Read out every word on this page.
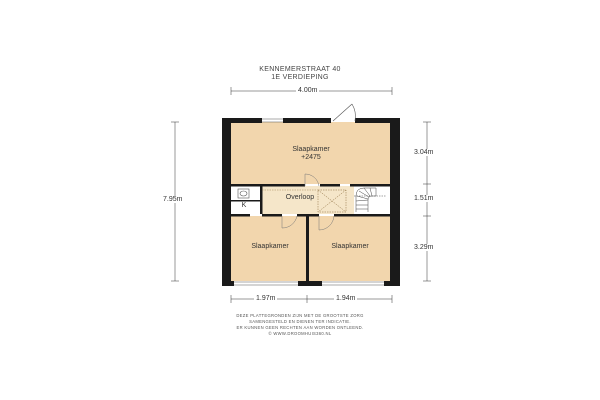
KENNEMERSTRAAT 40
1E VERDIEPING
4.00m
7.95m
3.04m
1.51m
3.29m
1.97m	1.94m
Slaapkamer
+2475
Overloop
K
Slaapkamer	Slaapkamer
DEZE PLATTEGRONDEN ZIJN MET DE GROOTSTE ZORG
SAMENGESTELD EN DIENEN TER INDICATIE.
ER KUNNEN GEEN RECHTEN AAN WORDEN ONTLEEND.
© WWW.DROOMHUIS360.NL
